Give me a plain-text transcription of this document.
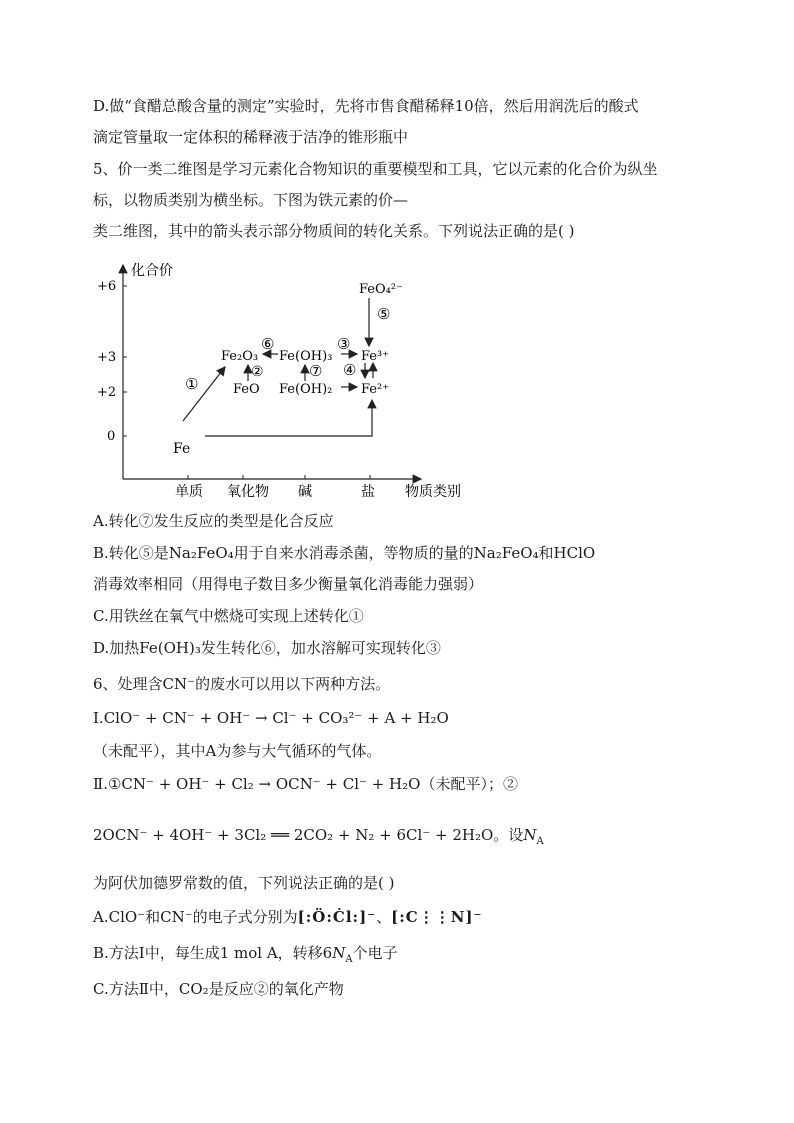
D.做“食醋总酸含量的测定”实验时，先将市售食醋稀释10倍，然后用润洗后的酸式
滴定管量取一定体积的稀释液于洁净的锥形瓶中
5、价一类二维图是学习元素化合物知识的重要模型和工具，它以元素的化合价为纵坐
标，以物质类别为横坐标。下图为铁元素的价—
类二维图，其中的箭头表示部分物质间的转化关系。下列说法正确的是( )
化合价
物质类别
+6
+3
+2
0
单质 氧化物 碱	盐
Fe
Fe₂O₃
FeO
Fe(OH)₃
Fe(OH)₂
Fe³⁺
Fe²⁺
FeO₄²⁻
①
②
③
④
⑤
⑥
⑦
A.转化⑦发生反应的类型是化合反应
B.转化⑤是Na₂FeO₄用于自来水消毒杀菌，等物质的量的Na₂FeO₄和HClO
消毒效率相同（用得电子数目多少衡量氧化消毒能力强弱）
C.用铁丝在氧气中燃烧可实现上述转化①
D.加热Fe(OH)₃发生转化⑥，加水溶解可实现转化③
6、处理含CN⁻的废水可以用以下两种方法。
Ⅰ.ClO⁻ + CN⁻ + OH⁻ → Cl⁻ + CO₃²⁻ + A + H₂O
（未配平），其中A为参与大气循环的气体。
Ⅱ.①CN⁻ + OH⁻ + Cl₂ → OCN⁻ + Cl⁻ + H₂O（未配平）；②
2OCN⁻ + 4OH⁻ + 3Cl₂ ══ 2CO₂ + N₂ + 6Cl⁻ + 2H₂O。设$N_A$
为阿伏加德罗常数的值，下列说法正确的是( )
A.ClO⁻和CN⁻的电子式分别为[:Ö:Ċl:]⁻、[:C⋮⋮N]⁻
B.方法Ⅰ中，每生成1 mol A，转移$6N_A$个电子
C.方法Ⅱ中，CO₂是反应②的氧化产物
